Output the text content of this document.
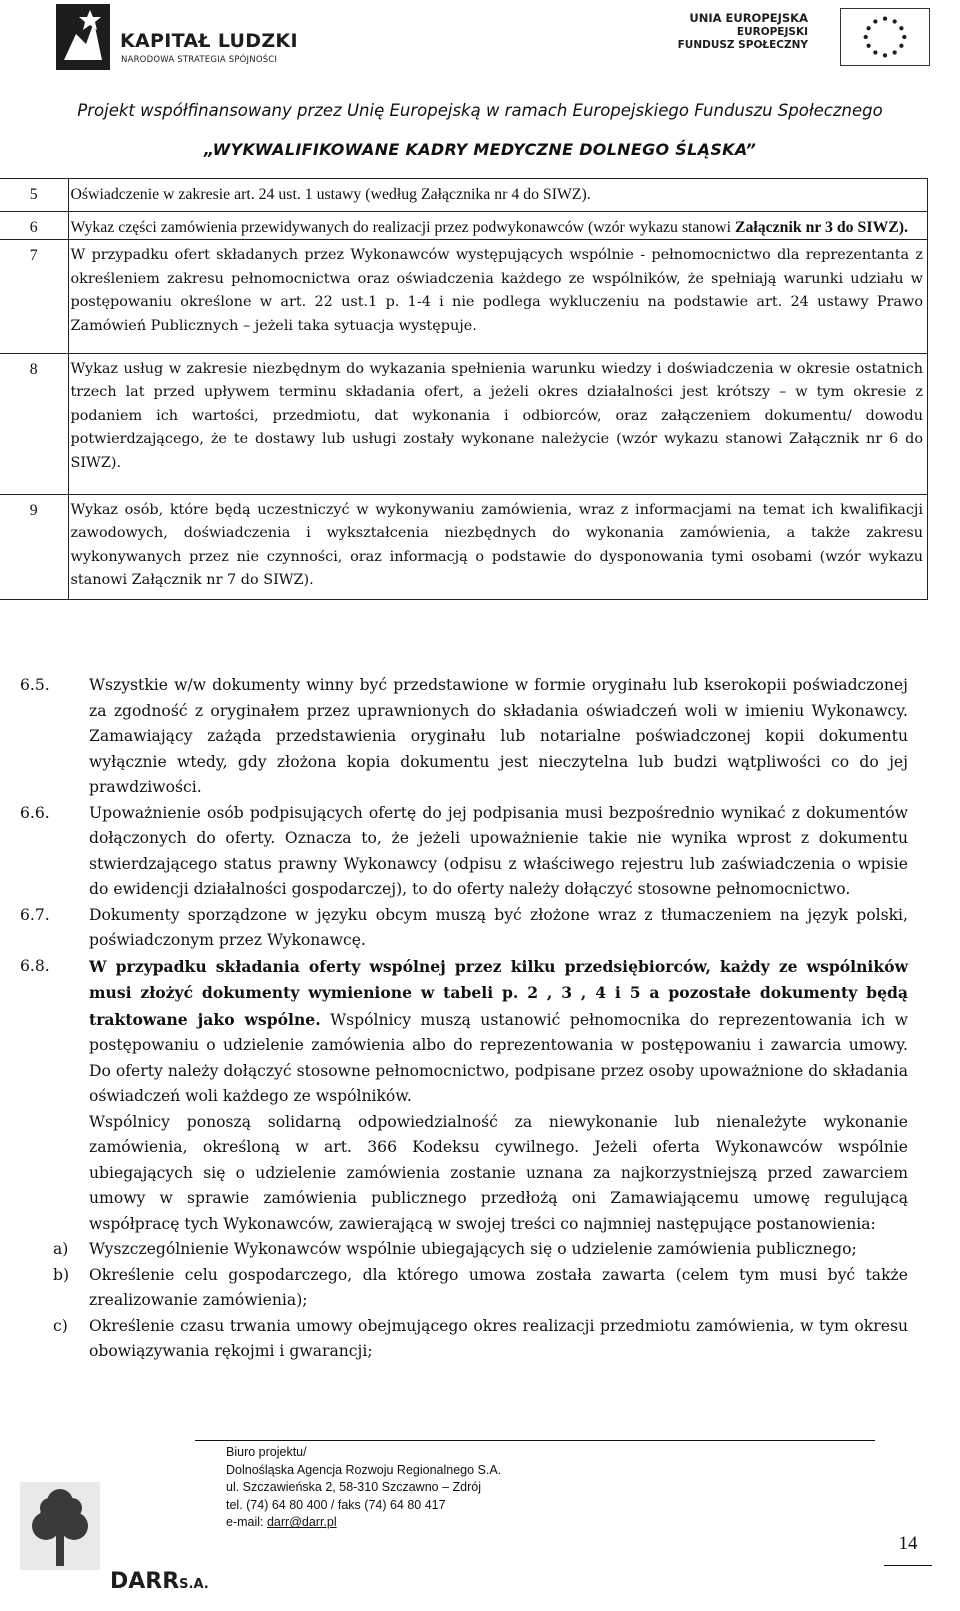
KAPITAŁ LUDZKI
NARODOWA STRATEGIA SPÓJNOŚCI
UNIA EUROPEJSKA
EUROPEJSKI
FUNDUSZ SPOŁECZNY
Projekt współfinansowany przez Unię Europejską w ramach Europejskiego Funduszu Społecznego
„WYKWALIFIKOWANE KADRY MEDYCZNE DOLNEGO ŚLĄSKA”
5	Oświadczenie w zakresie art. 24 ust. 1 ustawy (według Załącznika nr 4 do SIWZ).
6	Wykaz części zamówienia przewidywanych do realizacji przez podwykonawców (wzór wykazu stanowi Załącznik nr 3 do SIWZ).
7	W przypadku ofert składanych przez Wykonawców występujących wspólnie - pełnomocnictwo dla reprezentanta z określeniem zakresu pełnomocnictwa oraz oświadczenia każdego ze wspólników, że spełniają warunki udziału w postępowaniu określone w art. 22 ust.1 p. 1-4 i nie podlega wykluczeniu na podstawie art. 24 ustawy Prawo Zamówień Publicznych – jeżeli taka sytuacja występuje.
8	Wykaz usług w zakresie niezbędnym do wykazania spełnienia warunku wiedzy i doświadczenia w okresie ostatnich trzech lat przed upływem terminu składania ofert, a jeżeli okres działalności jest krótszy – w tym okresie z podaniem ich wartości, przedmiotu, dat wykonania i odbiorców, oraz załączeniem dokumentu/ dowodu potwierdzającego, że te dostawy lub usługi zostały wykonane należycie (wzór wykazu stanowi Załącznik nr 6 do SIWZ).
9	Wykaz osób, które będą uczestniczyć w wykonywaniu zamówienia, wraz z informacjami na temat ich kwalifikacji zawodowych, doświadczenia i wykształcenia niezbędnych do wykonania zamówienia, a także zakresu wykonywanych przez nie czynności, oraz informacją o podstawie do dysponowania tymi osobami (wzór wykazu stanowi Załącznik nr 7 do SIWZ).
6.5.	Wszystkie w/w dokumenty winny być przedstawione w formie oryginału lub kserokopii poświadczonej za zgodność z oryginałem przez uprawnionych do składania oświadczeń woli w imieniu Wykonawcy. Zamawiający zażąda przedstawienia oryginału lub notarialne poświadczonej kopii dokumentu wyłącznie wtedy, gdy złożona kopia dokumentu jest nieczytelna lub budzi wątpliwości co do jej prawdziwości.
6.6.	Upoważnienie osób podpisujących ofertę do jej podpisania musi bezpośrednio wynikać z dokumentów dołączonych do oferty. Oznacza to, że jeżeli upoważnienie takie nie wynika wprost z dokumentu stwierdzającego status prawny Wykonawcy (odpisu z właściwego rejestru lub zaświadczenia o wpisie do ewidencji działalności gospodarczej), to do oferty należy dołączyć stosowne pełnomocnictwo.
6.7.	Dokumenty sporządzone w języku obcym muszą być złożone wraz z tłumaczeniem na język polski, poświadczonym przez Wykonawcę.
6.8.	W przypadku składania oferty wspólnej przez kilku przedsiębiorców, każdy ze wspólników musi złożyć dokumenty wymienione w tabeli p. 2 , 3 , 4 i 5 a pozostałe dokumenty będą traktowane jako wspólne. Wspólnicy muszą ustanowić pełnomocnika do reprezentowania ich w postępowaniu o udzielenie zamówienia albo do reprezentowania w postępowaniu i zawarcia umowy. Do oferty należy dołączyć stosowne pełnomocnictwo, podpisane przez osoby upoważnione do składania oświadczeń woli każdego ze wspólników.
Wspólnicy ponoszą solidarną odpowiedzialność za niewykonanie lub nienależyte wykonanie zamówienia, określoną w art. 366 Kodeksu cywilnego. Jeżeli oferta Wykonawców wspólnie ubiegających się o udzielenie zamówienia zostanie uznana za najkorzystniejszą przed zawarciem umowy w sprawie zamówienia publicznego przedłożą oni Zamawiającemu umowę regulującą współpracę tych Wykonawców, zawierającą w swojej treści co najmniej następujące postanowienia:
a) Wyszczególnienie Wykonawców wspólnie ubiegających się o udzielenie zamówienia publicznego;
b) Określenie celu gospodarczego, dla którego umowa została zawarta (celem tym musi być także zrealizowanie zamówienia);
c) Określenie czasu trwania umowy obejmującego okres realizacji przedmiotu zamówienia, w tym okresu obowiązywania rękojmi i gwarancji;
DARRS.A.
Biuro projektu/
Dolnośląska Agencja Rozwoju Regionalnego S.A.
ul. Szczawieńska 2, 58-310 Szczawno – Zdrój
tel. (74) 64 80 400 / faks (74) 64 80 417
e-mail: darr@darr.pl
14
